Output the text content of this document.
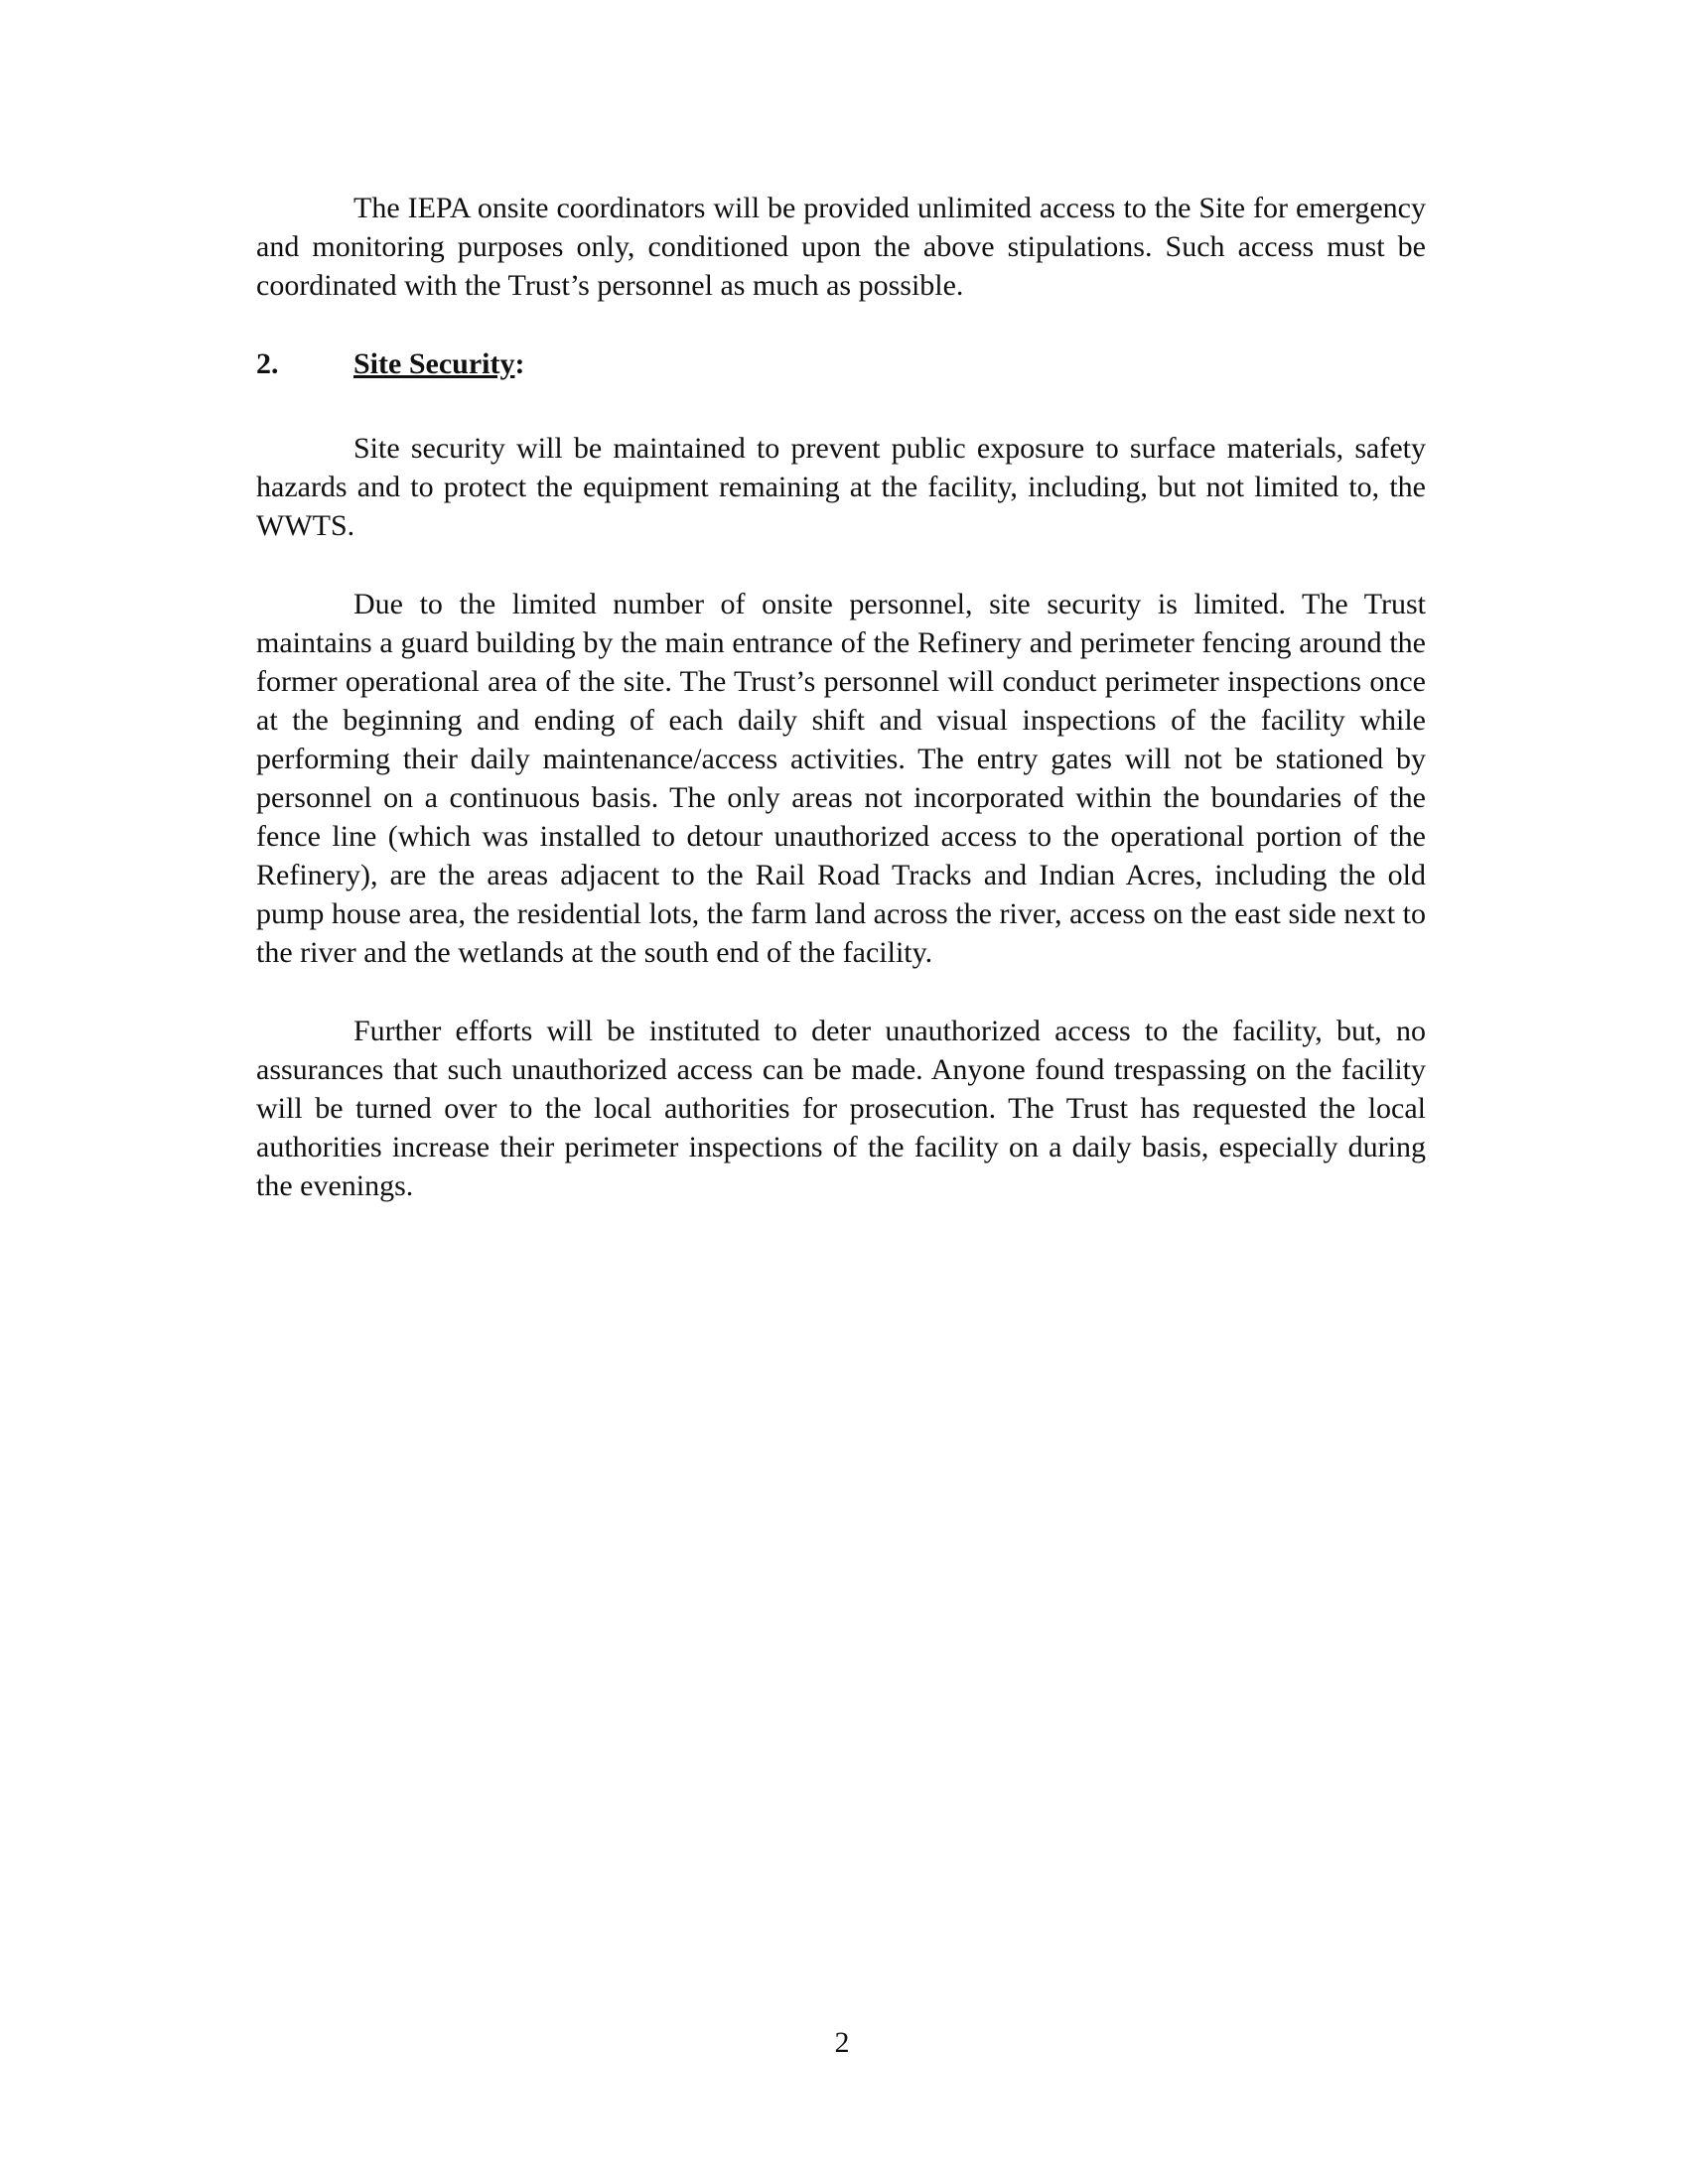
The IEPA onsite coordinators will be provided unlimited access to the Site for emergency and monitoring purposes only, conditioned upon the above stipulations. Such access must be coordinated with the Trust’s personnel as much as possible.

2.	Site Security:

Site security will be maintained to prevent public exposure to surface materials, safety hazards and to protect the equipment remaining at the facility, including, but not limited to, the WWTS.

Due to the limited number of onsite personnel, site security is limited. The Trust maintains a guard building by the main entrance of the Refinery and perimeter fencing around the former operational area of the site. The Trust’s personnel will conduct perimeter inspections once at the beginning and ending of each daily shift and visual inspections of the facility while performing their daily maintenance/access activities. The entry gates will not be stationed by personnel on a continuous basis. The only areas not incorporated within the boundaries of the fence line (which was installed to detour unauthorized access to the operational portion of the Refinery), are the areas adjacent to the Rail Road Tracks and Indian Acres, including the old pump house area, the residential lots, the farm land across the river, access on the east side next to the river and the wetlands at the south end of the facility.

Further efforts will be instituted to deter unauthorized access to the facility, but, no assurances that such unauthorized access can be made. Anyone found trespassing on the facility will be turned over to the local authorities for prosecution. The Trust has requested the local authorities increase their perimeter inspections of the facility on a daily basis, especially during the evenings.

2
